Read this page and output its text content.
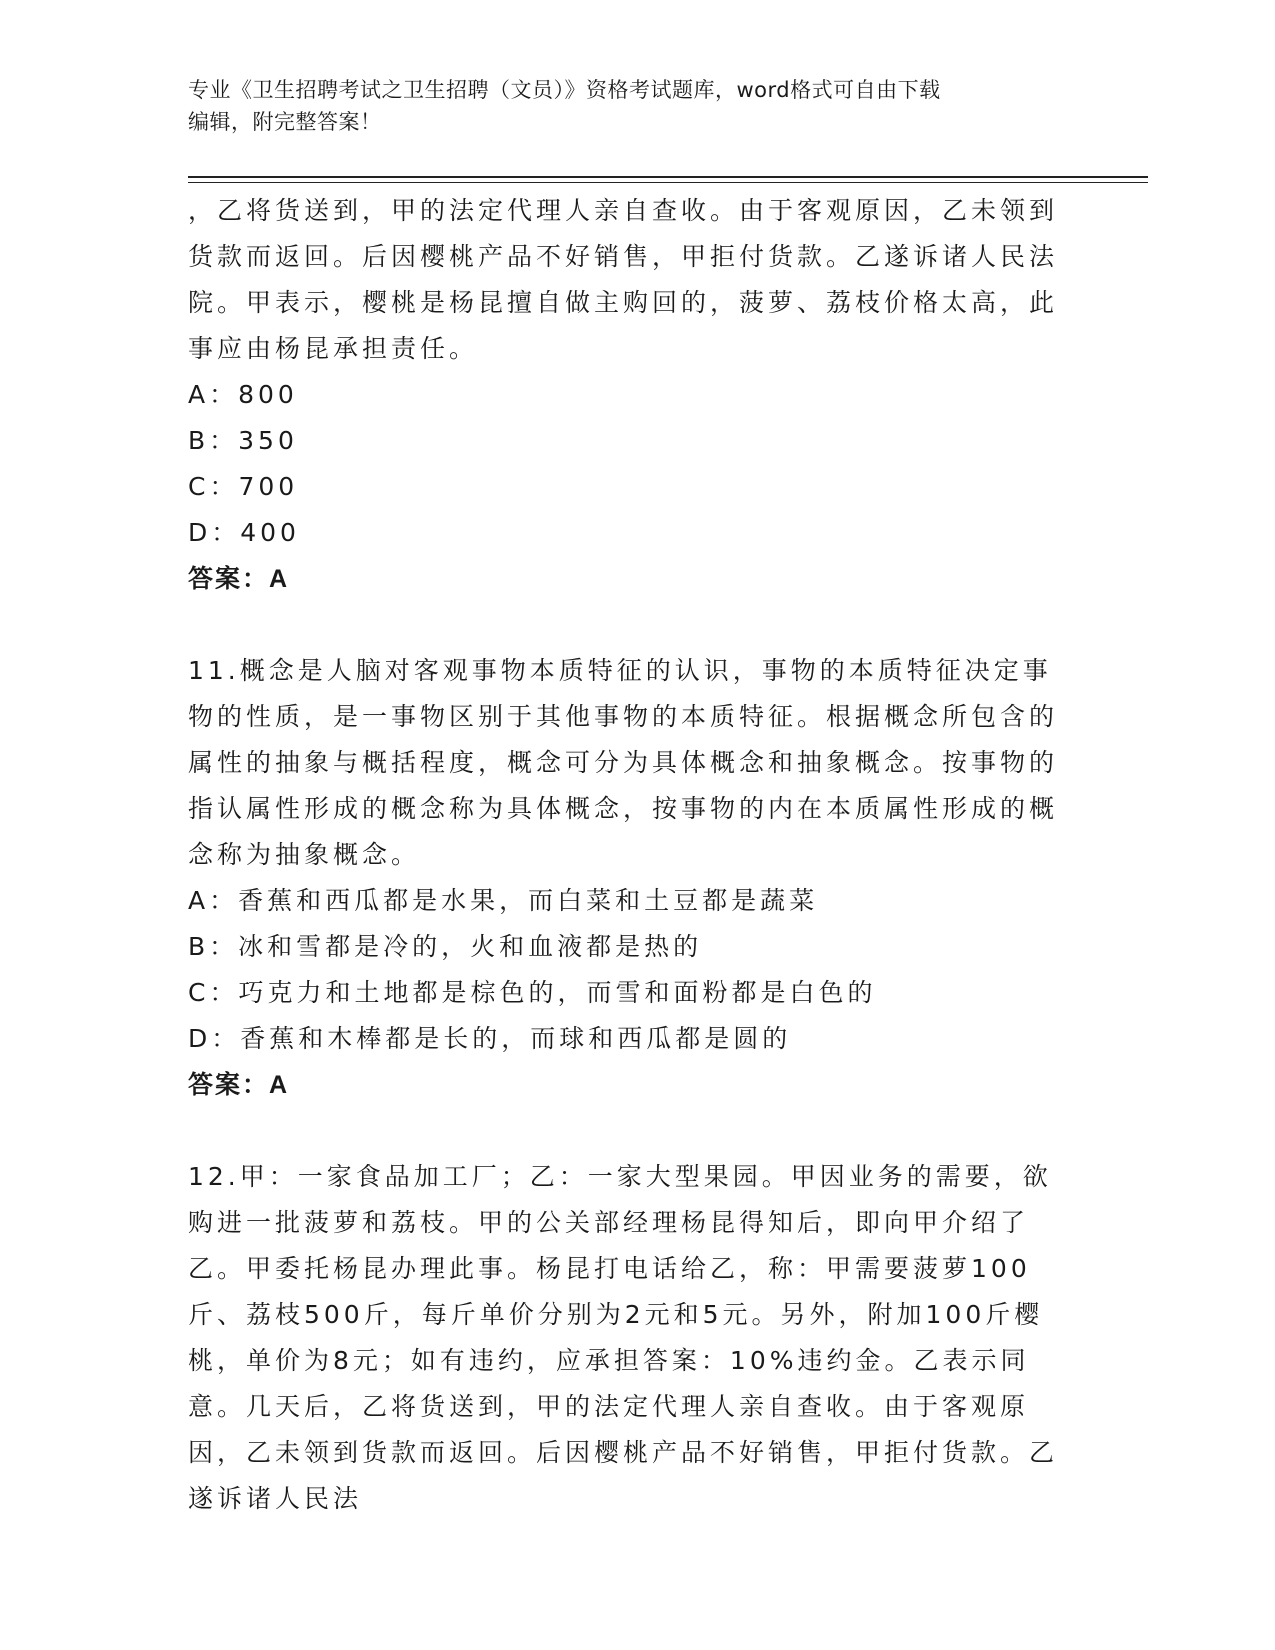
专业《卫生招聘考试之卫生招聘（文员）》资格考试题库，word格式可自由下载
编辑，附完整答案！

，乙将货送到，甲的法定代理人亲自查收。由于客观原因，乙未领到货款而返回。后因樱桃产品不好销售，甲拒付货款。乙遂诉诸人民法院。甲表示，樱桃是杨昆擅自做主购回的，菠萝、荔枝价格太高，此事应由杨昆承担责任。

A：800

B：350

C：700

D：400

答案：A

11.概念是人脑对客观事物本质特征的认识，事物的本质特征决定事物的性质，是一事物区别于其他事物的本质特征。根据概念所包含的属性的抽象与概括程度，概念可分为具体概念和抽象概念。按事物的指认属性形成的概念称为具体概念，按事物的内在本质属性形成的概念称为抽象概念。

A：香蕉和西瓜都是水果，而白菜和土豆都是蔬菜

B：冰和雪都是冷的，火和血液都是热的

C：巧克力和土地都是棕色的，而雪和面粉都是白色的

D：香蕉和木棒都是长的，而球和西瓜都是圆的

答案：A

12.甲：一家食品加工厂；乙：一家大型果园。甲因业务的需要，欲购进一批菠萝和荔枝。甲的公关部经理杨昆得知后，即向甲介绍了乙。甲委托杨昆办理此事。杨昆打电话给乙，称：甲需要菠萝100斤、荔枝500斤，每斤单价分别为2元和5元。另外，附加100斤樱桃，单价为8元；如有违约，应承担答案：10%违约金。乙表示同意。几天后，乙将货送到，甲的法定代理人亲自查收。由于客观原因，乙未领到货款而返回。后因樱桃产品不好销售，甲拒付货款。乙遂诉诸人民法
